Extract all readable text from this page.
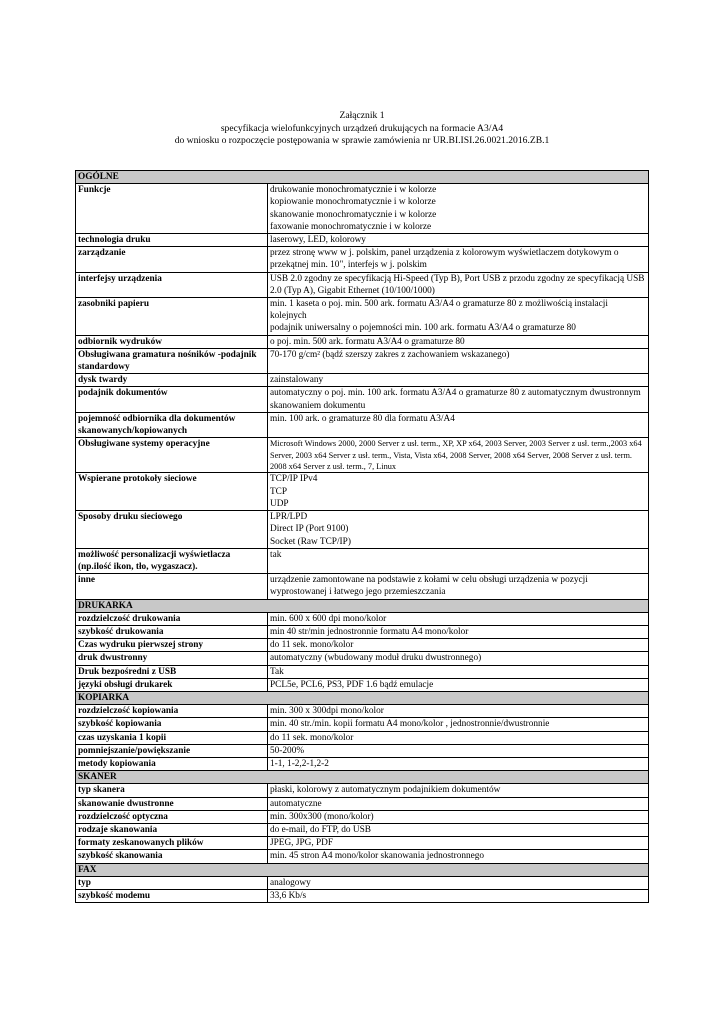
Załącznik 1
specyfikacja wielofunkcyjnych urządzeń drukujących na formacie A3/A4
do wniosku o rozpoczęcie postępowania w sprawie zamówienia nr UR.BI.ISI.26.0021.2016.ZB.1
OGÓLNE	
Funkcje	drukowanie monochromatycznie i w kolorze
kopiowanie monochromatycznie i w kolorze
skanowanie monochromatycznie i w kolorze
faxowanie monochromatycznie i w kolorze

technologia druku	laserowy, LED, kolorowy

zarządzanie	przez stronę www w j. polskim, panel urządzenia z kolorowym wyświetlaczem dotykowym o przekątnej min. 10", interfejs w j. polskim

interfejsy urządzenia	USB 2.0 zgodny ze specyfikacją Hi-Speed (Typ B), Port USB z przodu zgodny ze specyfikacją USB 2.0 (Typ A), Gigabit Ethernet (10/100/1000)

zasobniki papieru	min. 1 kaseta o poj. min. 500 ark. formatu A3/A4 o gramaturze 80 z możliwością instalacji kolejnych
podajnik uniwersalny o pojemności min. 100 ark. formatu A3/A4 o gramaturze 80

odbiornik wydruków	o poj. min. 500 ark. formatu A3/A4 o gramaturze 80

Obsługiwana gramatura nośników -podajnik standardowy	70-170 g/cm² (bądź szerszy zakres z zachowaniem wskazanego)

dysk twardy	zainstalowany

podajnik dokumentów	automatyczny o poj. min. 100 ark. formatu A3/A4 o gramaturze 80 z automatycznym dwustronnym skanowaniem dokumentu

pojemność odbiornika dla dokumentów skanowanych/kopiowanych	min. 100 ark. o gramaturze 80 dla formatu A3/A4

Obsługiwane systemy operacyjne	Microsoft Windows 2000, 2000 Server z usł. term., XP, XP x64, 2003 Server, 2003 Server z usł. term.,2003 x64 Server, 2003 x64 Server z usł. term., Vista, Vista x64, 2008 Server, 2008 x64 Server, 2008 Server z usł. term. 2008 x64 Server z usł. term., 7, Linux

Wspierane protokoły sieciowe	TCP/IP IPv4
TCP
UDP

Sposoby druku sieciowego	LPR/LPD
Direct IP (Port 9100)
Socket (Raw TCP/IP)

możliwość personalizacji wyświetlacza (np.ilość ikon, tło, wygaszacz).	tak

inne	urządzenie zamontowane na podstawie z kołami w celu obsługi urządzenia w pozycji wyprostowanej i łatwego jego przemieszczania

DRUKARKA	
rozdzielczość drukowania	min. 600 x 600 dpi mono/kolor

szybkość drukowania	min 40 str/min jednostronnie formatu A4 mono/kolor

Czas wydruku pierwszej strony	do 11 sek. mono/kolor

druk dwustronny	automatyczny (wbudowany moduł druku dwustronnego)

Druk bezpośredni z USB	Tak

języki obsługi drukarek	PCL5e, PCL6, PS3, PDF 1.6 bądź emulacje

KOPIARKA	
rozdzielczość kopiowania	min. 300 x 300dpi mono/kolor

szybkość kopiowania	min. 40 str./min. kopii formatu A4 mono/kolor , jednostronnie/dwustronnie

czas uzyskania 1 kopii	do 11 sek. mono/kolor

pomniejszanie/powiększanie	50-200%

metody kopiowania	1-1, 1-2,2-1,2-2

SKANER	
typ skanera	płaski, kolorowy z automatycznym podajnikiem dokumentów

skanowanie dwustronne	automatyczne

rozdzielczość optyczna	min. 300x300 (mono/kolor)

rodzaje skanowania	do e-mail, do FTP, do USB

formaty zeskanowanych plików	JPEG, JPG, PDF

szybkość skanowania	min. 45 stron A4 mono/kolor skanowania jednostronnego

FAX	
typ	analogowy

szybkość modemu	33,6 Kb/s
